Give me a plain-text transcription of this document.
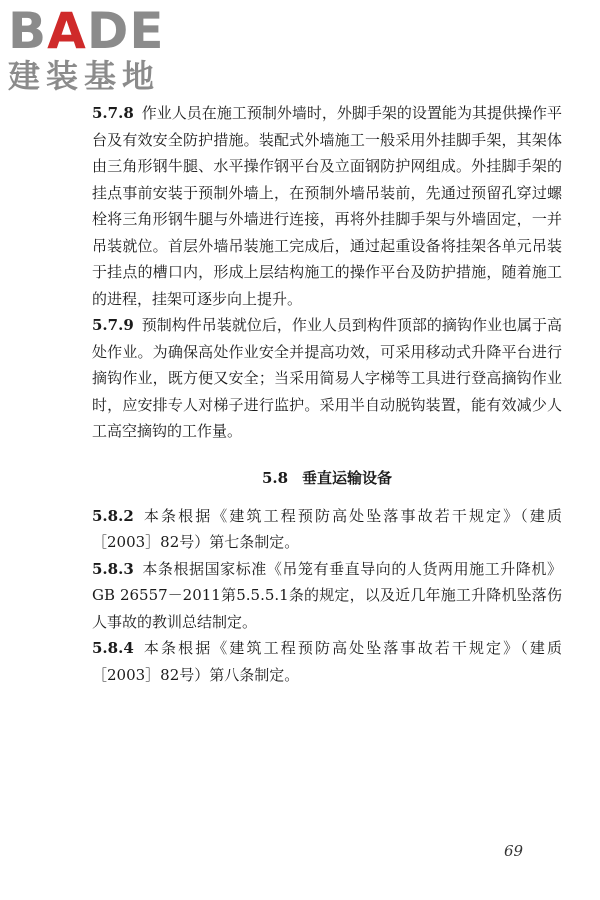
BADE
建装基地

5.7.8 作业人员在施工预制外墙时，外脚手架的设置能为其提供操作平台及有效安全防护措施。装配式外墙施工一般采用外挂脚手架，其架体由三角形钢牛腿、水平操作钢平台及立面钢防护网组成。外挂脚手架的挂点事前安装于预制外墙上，在预制外墙吊装前，先通过预留孔穿过螺栓将三角形钢牛腿与外墙进行连接，再将外挂脚手架与外墙固定，一并吊装就位。首层外墙吊装施工完成后，通过起重设备将挂架各单元吊装于挂点的槽口内，形成上层结构施工的操作平台及防护措施，随着施工的进程，挂架可逐步向上提升。

5.7.9 预制构件吊装就位后，作业人员到构件顶部的摘钩作业也属于高处作业。为确保高处作业安全并提高功效，可采用移动式升降平台进行摘钩作业，既方便又安全；当采用简易人字梯等工具进行登高摘钩作业时，应安排专人对梯子进行监护。采用半自动脱钩装置，能有效减少人工高空摘钩的工作量。

5.8 垂直运输设备

5.8.2 本条根据《建筑工程预防高处坠落事故若干规定》（建质［2003］82号）第七条制定。

5.8.3 本条根据国家标准《吊笼有垂直导向的人货两用施工升降机》GB 26557－2011第5.5.5.1条的规定，以及近几年施工升降机坠落伤人事故的教训总结制定。

5.8.4 本条根据《建筑工程预防高处坠落事故若干规定》（建质［2003］82号）第八条制定。

69
